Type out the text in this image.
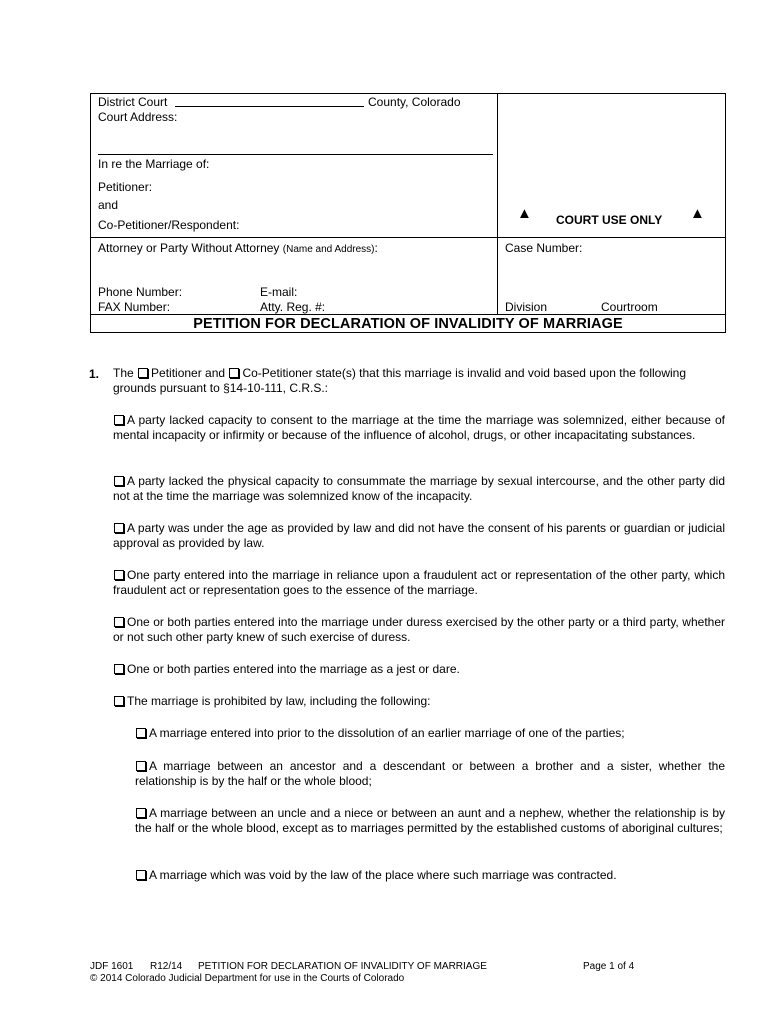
District Court	County, Colorado
Court Address:
In re the Marriage of:
Petitioner:
and
Co-Petitioner/Respondent:
▲ COURT USE ONLY ▲
Attorney or Party Without Attorney (Name and Address):
Phone Number:	E-mail:
FAX Number:	Atty. Reg. #:
Case Number:
Division	Courtroom
PETITION FOR DECLARATION OF INVALIDITY OF MARRIAGE
1. The Petitioner and Co-Petitioner state(s) that this marriage is invalid and void based upon the following
grounds pursuant to §14-10-111, C.R.S.:
A party lacked capacity to consent to the marriage at the time the marriage was solemnized, either because of mental incapacity or infirmity or because of the influence of alcohol, drugs, or other incapacitating substances.
A party lacked the physical capacity to consummate the marriage by sexual intercourse, and the other party did not at the time the marriage was solemnized know of the incapacity.
A party was under the age as provided by law and did not have the consent of his parents or guardian or judicial approval as provided by law.
One party entered into the marriage in reliance upon a fraudulent act or representation of the other party, which fraudulent act or representation goes to the essence of the marriage.
One or both parties entered into the marriage under duress exercised by the other party or a third party, whether or not such other party knew of such exercise of duress.
One or both parties entered into the marriage as a jest or dare.
The marriage is prohibited by law, including the following:
A marriage entered into prior to the dissolution of an earlier marriage of one of the parties;
A marriage between an ancestor and a descendant or between a brother and a sister, whether the relationship is by the half or the whole blood;
A marriage between an uncle and a niece or between an aunt and a nephew, whether the relationship is by the half or the whole blood, except as to marriages permitted by the established customs of aboriginal cultures;
A marriage which was void by the law of the place where such marriage was contracted.
JDF 1601 R12/14 PETITION FOR DECLARATION OF INVALIDITY OF MARRIAGE	Page 1 of 4
© 2014 Colorado Judicial Department for use in the Courts of Colorado
